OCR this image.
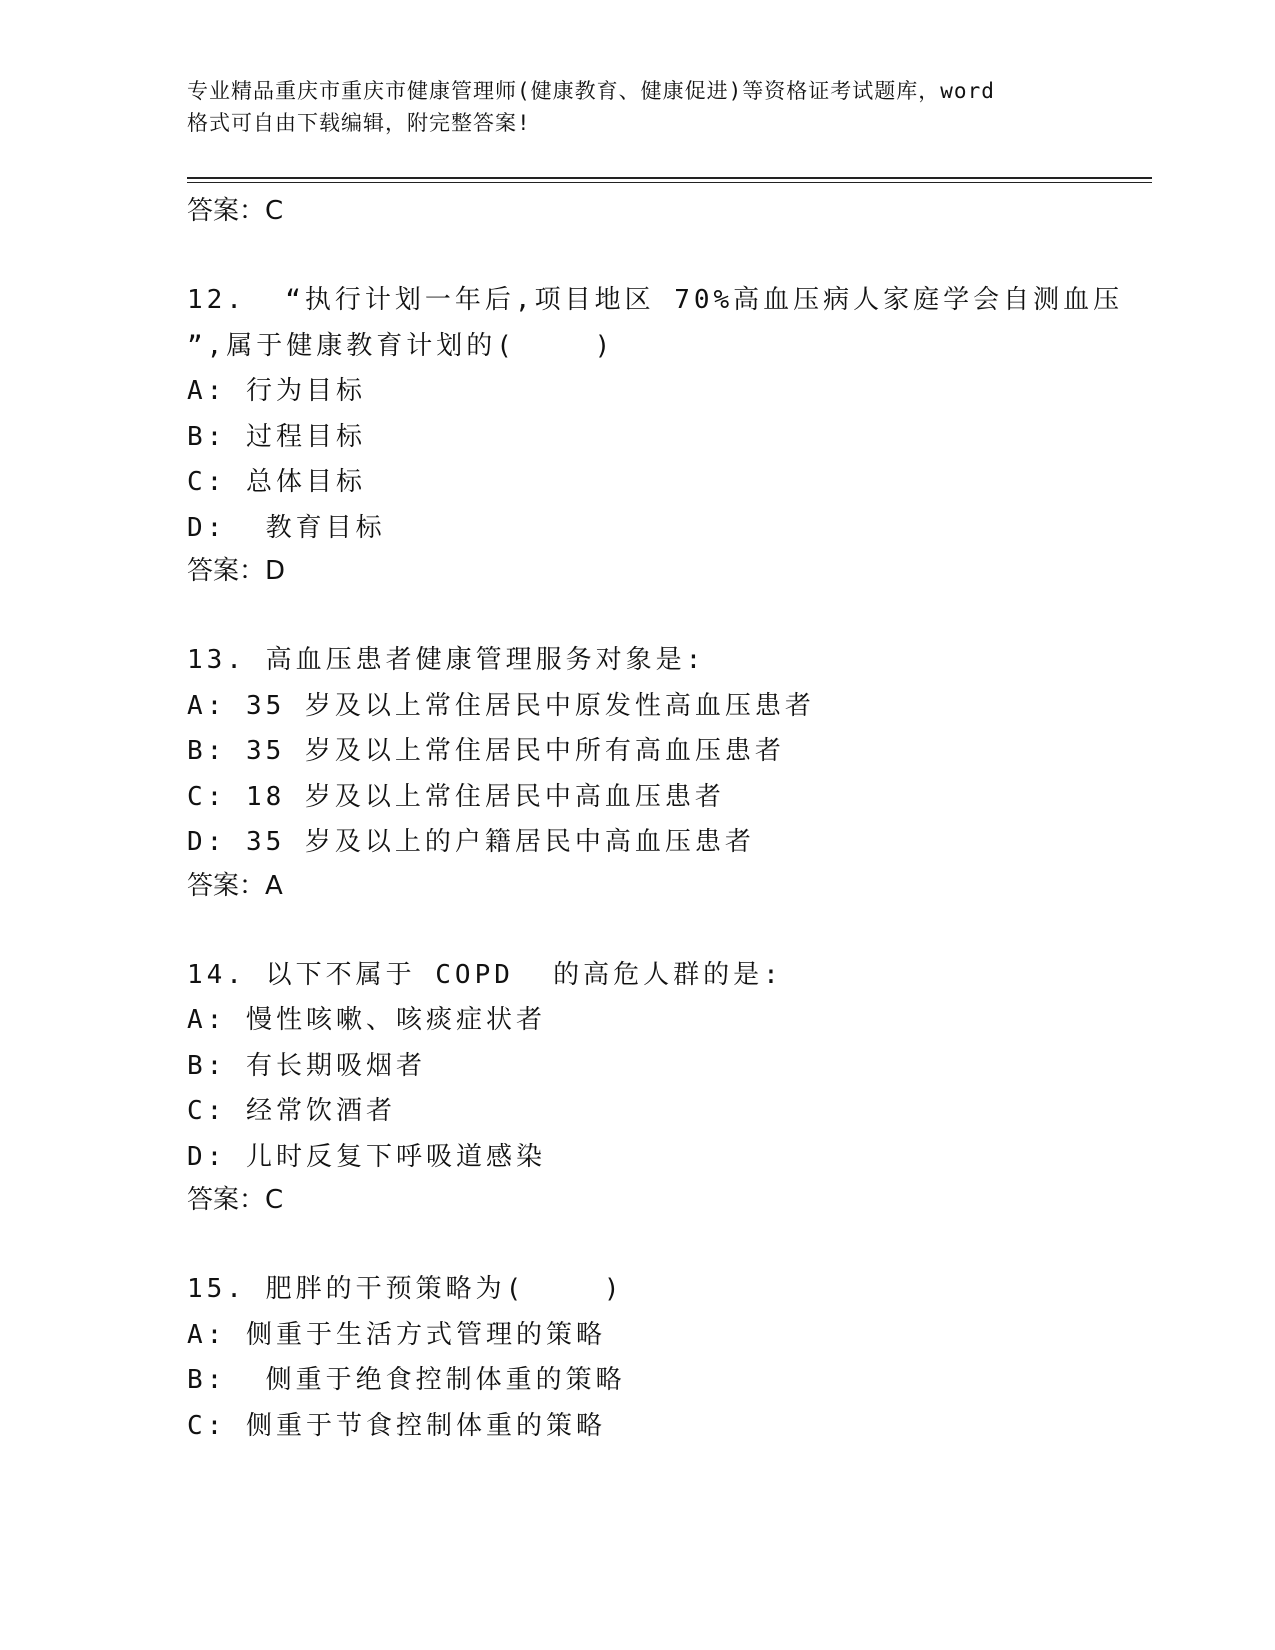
专业精品重庆市重庆市健康管理师(健康教育、健康促进)等资格证考试题库，word
格式可自由下载编辑，附完整答案!
答案：C
12.  “执行计划一年后,项目地区 70%高血压病人家庭学会自测血压
”,属于健康教育计划的(    )
A: 行为目标
B: 过程目标
C: 总体目标
D:  教育目标
答案：D
13. 高血压患者健康管理服务对象是:
A: 35 岁及以上常住居民中原发性高血压患者
B: 35 岁及以上常住居民中所有高血压患者
C: 18 岁及以上常住居民中高血压患者
D: 35 岁及以上的户籍居民中高血压患者
答案：A
14. 以下不属于 COPD  的高危人群的是:
A: 慢性咳嗽、咳痰症状者
B: 有长期吸烟者
C: 经常饮酒者
D: 儿时反复下呼吸道感染
答案：C
15. 肥胖的干预策略为(    )
A: 侧重于生活方式管理的策略
B:  侧重于绝食控制体重的策略
C: 侧重于节食控制体重的策略
